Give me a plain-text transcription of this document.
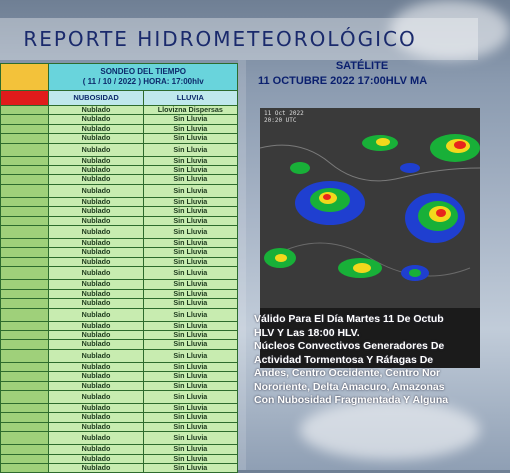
REPORTE HIDROMETEOROLÓGICO

	SONDEO DEL TIEMPO
( 11 / 10 / 2022 ) HORA: 17:00hlv	

	NUBOSIDAD	LLUVIA
	Nublado	Llovizna Dispersas
	Nublado	Sin Lluvia
	Nublado	Sin Lluvia
	Nublado	Sin Lluvia
	Nublado	Sin Lluvia
	Nublado	Sin Lluvia
	Nublado	Sin Lluvia
	Nublado	Sin Lluvia
	Nublado	Sin Lluvia
	Nublado	Sin Lluvia
	Nublado	Sin Lluvia
	Nublado	Sin Lluvia
	Nublado	Sin Lluvia
	Nublado	Sin Lluvia
	Nublado	Sin Lluvia
	Nublado	Sin Lluvia
	Nublado	Sin Lluvia
	Nublado	Sin Lluvia
	Nublado	Sin Lluvia
	Nublado	Sin Lluvia
	Nublado	Sin Lluvia
	Nublado	Sin Lluvia
	Nublado	Sin Lluvia
	Nublado	Sin Lluvia
	Nublado	Sin Lluvia
	Nublado	Sin Lluvia
	Nublado	Sin Lluvia
	Nublado	Sin Lluvia
	Nublado	Sin Lluvia
	Nublado	Sin Lluvia
	Nublado	Sin Lluvia
	Nublado	Sin Lluvia
	Nublado	Sin Lluvia
	Nublado	Sin Lluvia
	Nublado	Sin Lluvia
	Nublado	Sin Lluvia
SATÉLITE
11 OCTUBRE 2022 17:00HLV MA
11 Oct 2022
20:20 UTC
Válido Para El Día Martes 11 De Octub
HLV Y Las 18:00 HLV.
Núcleos Convectivos Generadores De
Actividad Tormentosa Y Ráfagas De
Andes, Centro Occidente, Centro Nor
Nororiente, Delta Amacuro, Amazonas
Con Nubosidad Fragmentada Y Alguna
